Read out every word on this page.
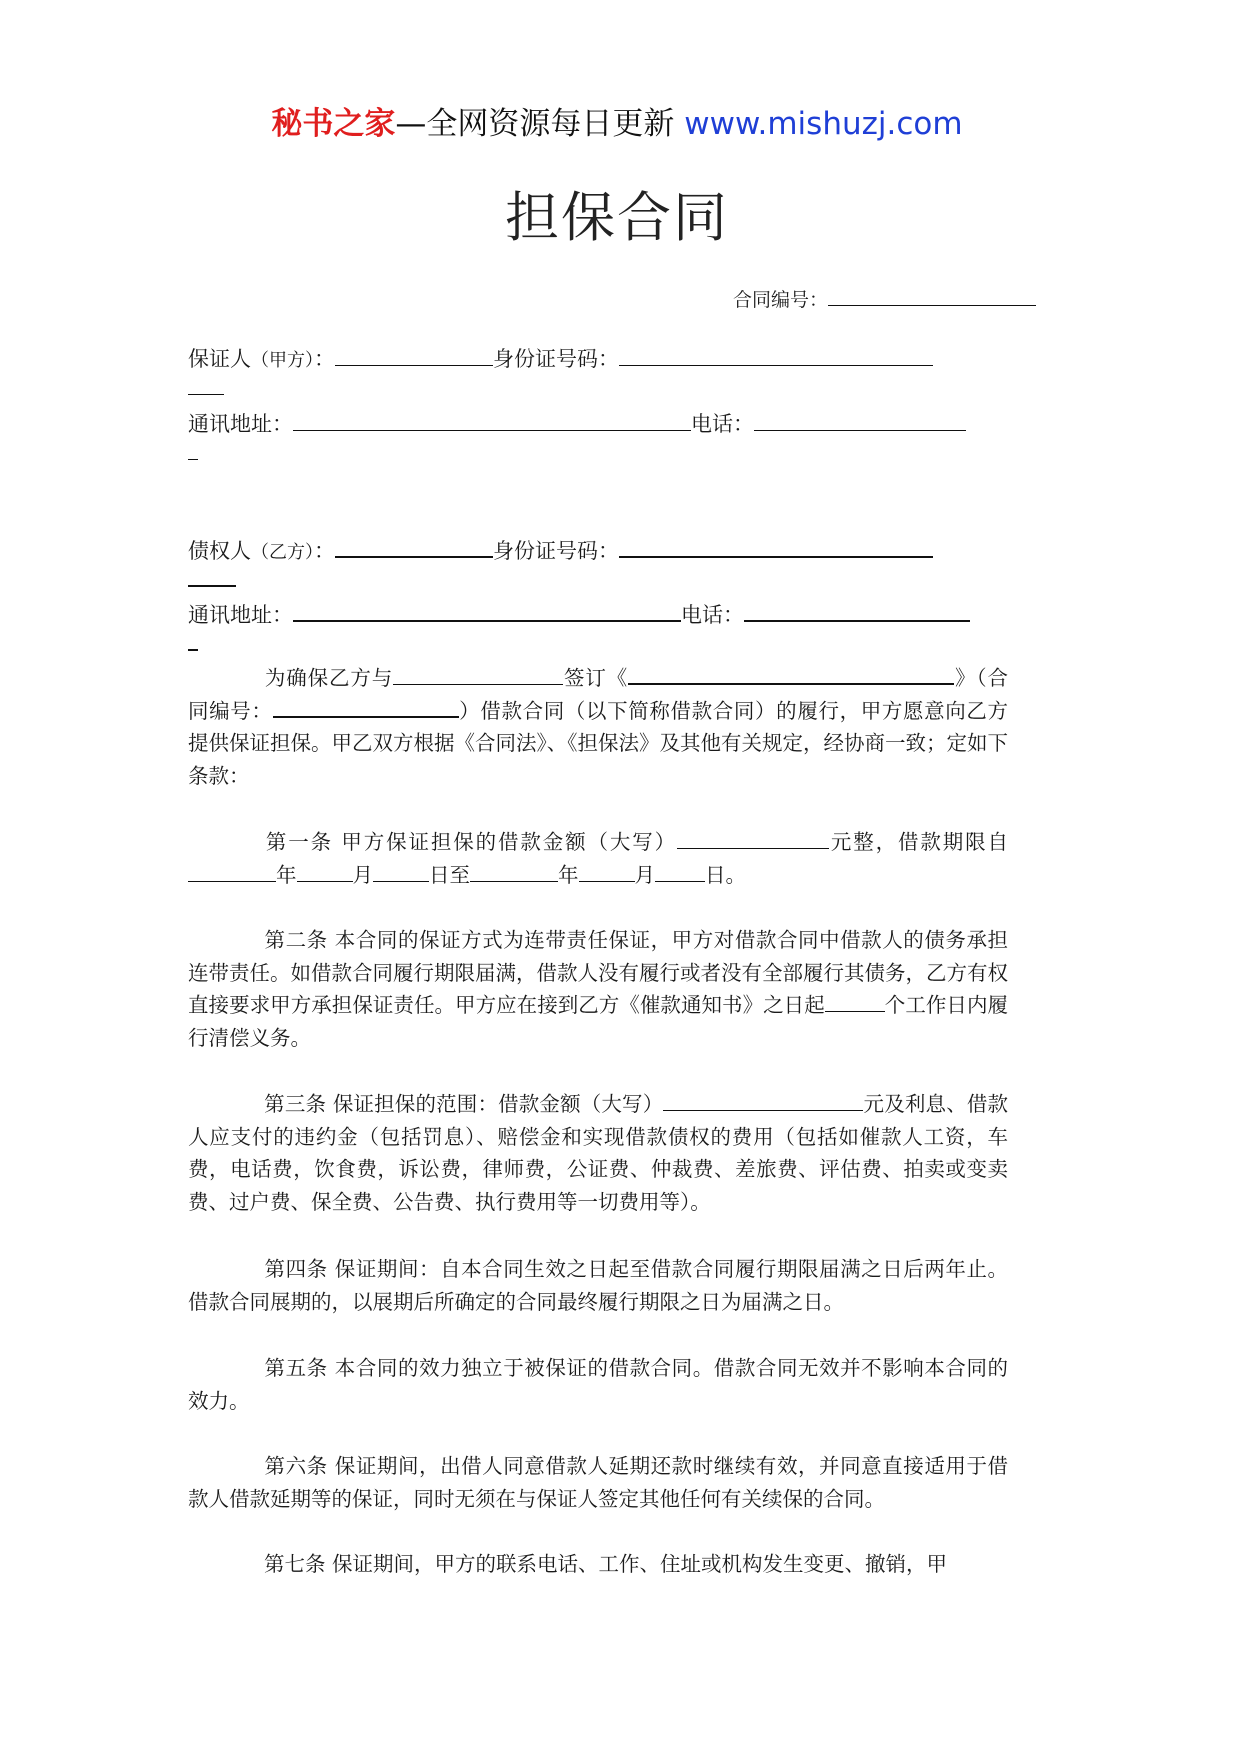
秘书之家—全网资源每日更新 www.mishuzj.com
担保合同
合同编号：
保证人（甲方）：	身份证号码：
通讯地址：	电话：
债权人（乙方）：	身份证号码：
通讯地址：	电话：
为确保乙方与	签订《	》（合同编号：	）借款合同（以下简称借款合同）的履行，甲方愿意向乙方提供保证担保。甲乙双方根据《合同法》、《担保法》及其他有关规定，经协商一致；定如下条款：
第一条 甲方保证担保的借款金额（大写）	元整，借款期限自年	月	日至	年	月 日。
第二条 本合同的保证方式为连带责任保证，甲方对借款合同中借款人的债务承担连带责任。如借款合同履行期限届满，借款人没有履行或者没有全部履行其债务，乙方有权直接要求甲方承担保证责任。甲方应在接到乙方《催款通知书》之日起	个工作日内履行清偿义务。
第三条 保证担保的范围：借款金额（大写）	元及利息、借款人应支付的违约金（包括罚息）、赔偿金和实现借款债权的费用（包括如催款人工资，车费，电话费，饮食费，诉讼费，律师费，公证费、仲裁费、差旅费、评估费、拍卖或变卖费、过户费、保全费、公告费、执行费用等一切费用等）。
第四条 保证期间：自本合同生效之日起至借款合同履行期限届满之日后两年止。借款合同展期的，以展期后所确定的合同最终履行期限之日为届满之日。
第五条 本合同的效力独立于被保证的借款合同。借款合同无效并不影响本合同的效力。
第六条 保证期间，出借人同意借款人延期还款时继续有效，并同意直接适用于借款人借款延期等的保证，同时无须在与保证人签定其他任何有关续保的合同。
第七条 保证期间，甲方的联系电话、工作、住址或机构发生变更、撤销，甲
